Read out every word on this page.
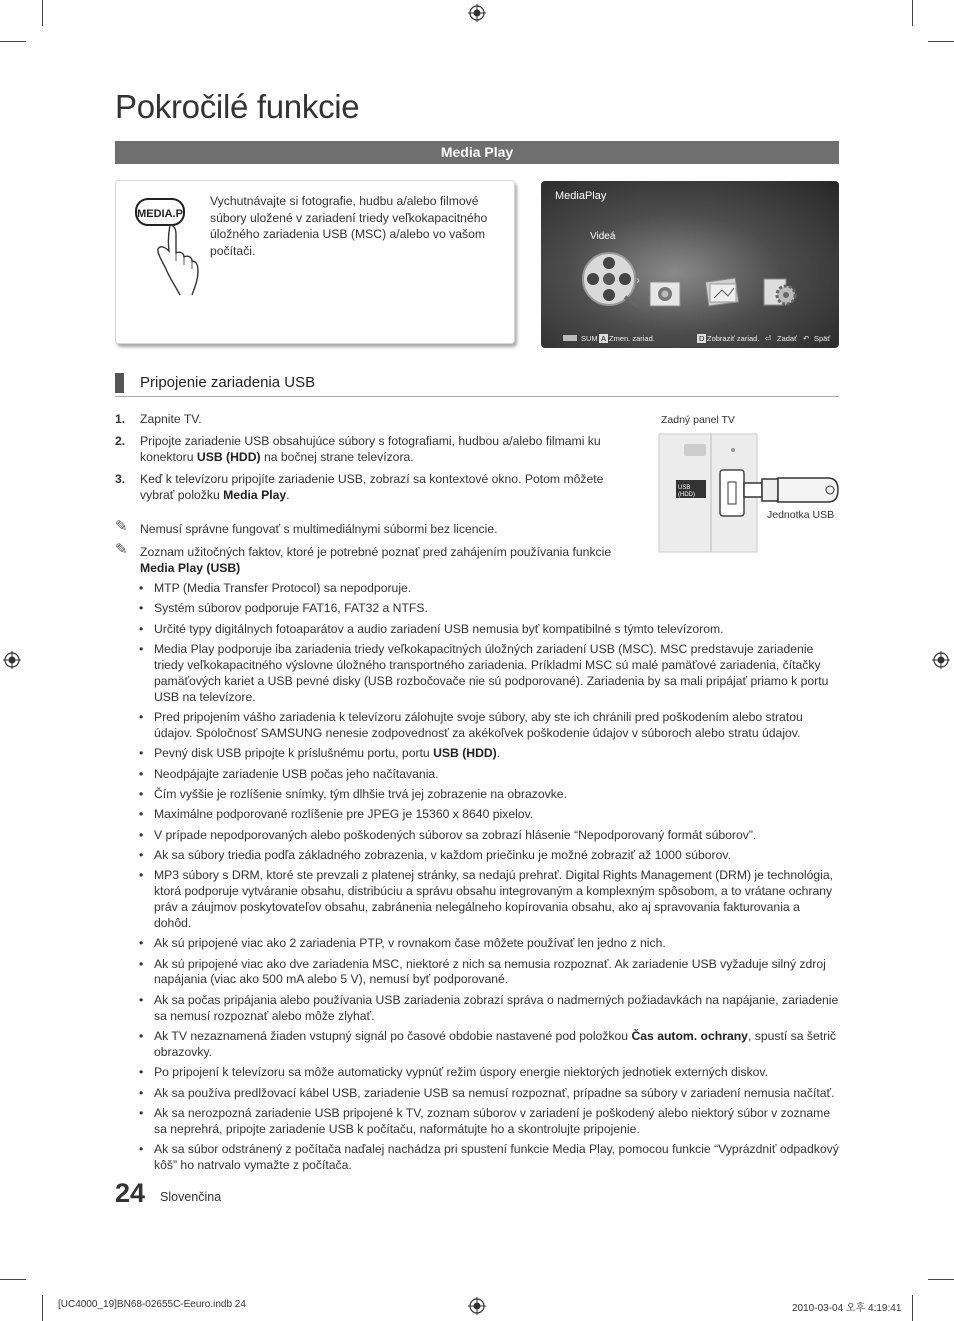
Pokročilé funkcie
Media Play
MEDIA.P
Vychutnávajte si fotografie, hudbu a/alebo filmové súbory uložené v zariadení triedy veľkokapacitného úložného zariadenia USB (MSC) a/alebo vo vašom počítači.
MediaPlay
Videá
›
SUM A Zmen. zariad.	D Zobraziť zariad. ⏎ Zadať ↶ Späť
Pripojenie zariadenia USB
1. Zapnite TV.
2. Pripojte zariadenie USB obsahujúce súbory s fotografiami, hudbou a/alebo filmami ku konektoru USB (HDD) na bočnej strane televízora.
3. Keď k televízoru pripojíte zariadenie USB, zobrazí sa kontextové okno. Potom môžete vybrať položku Media Play.
✎ Nemusí správne fungovať s multimediálnymi súbormi bez licencie.
✎ Zoznam užitočných faktov, ktoré je potrebné poznať pred zahájením používania funkcie Media Play (USB)
Zadný panel TV
USB
(HDD)
Jednotka USB
• MTP (Media Transfer Protocol) sa nepodporuje.
• Systém súborov podporuje FAT16, FAT32 a NTFS.
• Určité typy digitálnych fotoaparátov a audio zariadení USB nemusia byť kompatibilné s týmto televízorom.
• Media Play podporuje iba zariadenia triedy veľkokapacitných úložných zariadení USB (MSC). MSC predstavuje zariadenie triedy veľkokapacitného výslovne úložného transportného zariadenia. Príkladmi MSC sú malé pamäťové zariadenia, čítačky pamäťových kariet a USB pevné disky (USB rozbočovače nie sú podporované). Zariadenia by sa mali pripájať priamo k portu USB na televízore.
• Pred pripojením vášho zariadenia k televízoru zálohujte svoje súbory, aby ste ich chránili pred poškodením alebo stratou údajov. Spoločnosť SAMSUNG nenesie zodpovednosť za akékoľvek poškodenie údajov v súboroch alebo stratu údajov.
• Pevný disk USB pripojte k príslušnému portu, portu USB (HDD).
• Neodpájajte zariadenie USB počas jeho načítavania.
• Čím vyššie je rozlíšenie snímky, tým dlhšie trvá jej zobrazenie na obrazovke.
• Maximálne podporované rozlíšenie pre JPEG je 15360 x 8640 pixelov.
• V prípade nepodporovaných alebo poškodených súborov sa zobrazí hlásenie “Nepodporovaný formát súborov”.
• Ak sa súbory triedia podľa základného zobrazenia, v každom priečinku je možné zobraziť až 1000 súborov.
• MP3 súbory s DRM, ktoré ste prevzali z platenej stránky, sa nedajú prehrať. Digital Rights Management (DRM) je technológia, ktorá podporuje vytváranie obsahu, distribúciu a správu obsahu integrovaným a komplexným spôsobom, a to vrátane ochrany práv a záujmov poskytovateľov obsahu, zabránenia nelegálneho kopírovania obsahu, ako aj spravovania fakturovania a dohôd.
• Ak sú pripojené viac ako 2 zariadenia PTP, v rovnakom čase môžete používať len jedno z nich.
• Ak sú pripojené viac ako dve zariadenia MSC, niektoré z nich sa nemusia rozpoznať. Ak zariadenie USB vyžaduje silný zdroj napájania (viac ako 500 mA alebo 5 V), nemusí byť podporované.
• Ak sa počas pripájania alebo používania USB zariadenia zobrazí správa o nadmerných požiadavkách na napájanie, zariadenie sa nemusí rozpoznať alebo môže zlyhať.
• Ak TV nezaznamená žiaden vstupný signál po časové obdobie nastavené pod položkou Čas autom. ochrany, spustí sa šetrič obrazovky.
• Po pripojení k televízoru sa môže automaticky vypnúť režim úspory energie niektorých jednotiek externých diskov.
• Ak sa používa predlžovací kábel USB, zariadenie USB sa nemusí rozpoznať, prípadne sa súbory v zariadení nemusia načítať.
• Ak sa nerozpozná zariadenie USB pripojené k TV, zoznam súborov v zariadení je poškodený alebo niektorý súbor v zozname sa neprehrá, pripojte zariadenie USB k počítaču, naformátujte ho a skontrolujte pripojenie.
• Ak sa súbor odstránený z počítača naďalej nachádza pri spustení funkcie Media Play, pomocou funkcie “Vyprázdniť odpadkový kôš” ho natrvalo vymažte z počítača.
24 Slovenčina
[UC4000_19]BN68-02655C-Eeuro.indb 24	2010-03-04 오후 4:19:41
